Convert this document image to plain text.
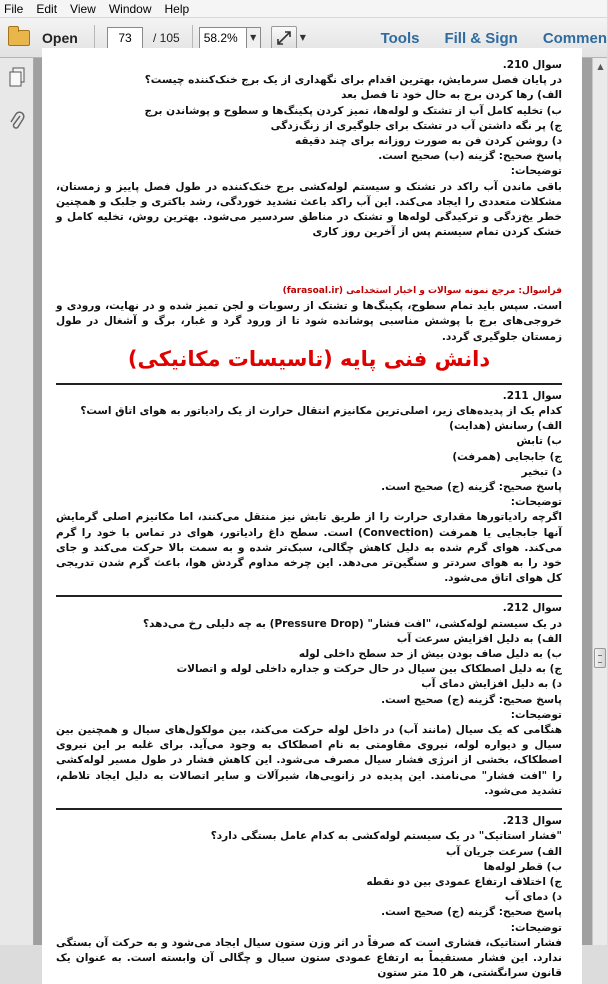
File Edit View Window Help
Open	73	/ 105	58.2%	▼	▼	Tools Fill & Sign Commen

سوال 210.

در پایان فصل سرمایش، بهترین اقدام برای نگهداری از یک برج خنک‌کننده چیست؟

الف) رها کردن برج به حال خود تا فصل بعد

ب) تخلیه کامل آب از تشتک و لوله‌ها، تمیز کردن پکینگ‌ها و سطوح و پوشاندن برج

ج) پر نگه داشتن آب در تشتک برای جلوگیری از زنگ‌زدگی

د) روشن کردن فن به صورت روزانه برای چند دقیقه

پاسخ صحیح: گزینه (ب) صحیح است.

توضیحات:

باقی ماندن آب راکد در تشتک و سیستم لوله‌کشی برج خنک‌کننده در طول فصل پاییز و زمستان، مشکلات متعددی را ایجاد می‌کند. این آب راکد باعث تشدید خوردگی، رشد باکتری و جلبک و همچنین خطر یخ‌زدگی و ترکیدگی لوله‌ها و تشتک در مناطق سردسیر می‌شود. بهترین روش، تخلیه کامل و خشک کردن تمام سیستم پس از آخرین روز کاری

فراسوال: مرجع نمونه سوالات و اخبار استخدامی (farasoal.ir)

است. سپس باید تمام سطوح، پکینگ‌ها و تشتک از رسوبات و لجن تمیز شده و در نهایت، ورودی و خروجی‌های برج با پوشش مناسبی پوشانده شود تا از ورود گرد و غبار، برگ و آشغال در طول زمستان جلوگیری گردد.

دانش فنی پایه (تاسیسات مکانیکی)

سوال 211.

کدام یک از پدیده‌های زیر، اصلی‌ترین مکانیزم انتقال حرارت از یک رادیاتور به هوای اتاق است؟

الف) رسانش (هدایت)

ب) تابش

ج) جابجایی (همرفت)

د) تبخیر

پاسخ صحیح: گزینه (ج) صحیح است.

توضیحات:

اگرچه رادیاتورها مقداری حرارت را از طریق تابش نیز منتقل می‌کنند، اما مکانیزم اصلی گرمایش آنها جابجایی یا همرفت (Convection) است. سطح داغ رادیاتور، هوای در تماس با خود را گرم می‌کند. هوای گرم شده به دلیل کاهش چگالی، سبک‌تر شده و به سمت بالا حرکت می‌کند و جای خود را به هوای سردتر و سنگین‌تر می‌دهد. این چرخه مداوم گردش هوا، باعث گرم شدن تدریجی کل هوای اتاق می‌شود.

سوال 212.

در یک سیستم لوله‌کشی، "افت فشار" (Pressure Drop) به چه دلیلی رخ می‌دهد؟

الف) به دلیل افزایش سرعت آب

ب) به دلیل صاف بودن بیش از حد سطح داخلی لوله

ج) به دلیل اصطکاک بین سیال در حال حرکت و جداره داخلی لوله و اتصالات

د) به دلیل افزایش دمای آب

پاسخ صحیح: گزینه (ج) صحیح است.

توضیحات:

هنگامی که یک سیال (مانند آب) در داخل لوله حرکت می‌کند، بین مولکول‌های سیال و همچنین بین سیال و دیواره لوله، نیروی مقاومتی به نام اصطکاک به وجود می‌آید. برای غلبه بر این نیروی اصطکاک، بخشی از انرژی فشار سیال مصرف می‌شود. این کاهش فشار در طول مسیر لوله‌کشی را "افت فشار" می‌نامند. این پدیده در زانویی‌ها، شیرآلات و سایر اتصالات به دلیل ایجاد تلاطم، تشدید می‌شود.

سوال 213.

"فشار استاتیک" در یک سیستم لوله‌کشی به کدام عامل بستگی دارد؟

الف) سرعت جریان آب

ب) قطر لوله‌ها

ج) اختلاف ارتفاع عمودی بین دو نقطه

د) دمای آب

پاسخ صحیح: گزینه (ج) صحیح است.

توضیحات:

فشار استاتیک، فشاری است که صرفاً در اثر وزن ستون سیال ایجاد می‌شود و به حرکت آن بستگی ندارد. این فشار مستقیماً به ارتفاع عمودی ستون سیال و چگالی آن وابسته است. به عنوان یک قانون سرانگشتی، هر 10 متر ستون

▲
